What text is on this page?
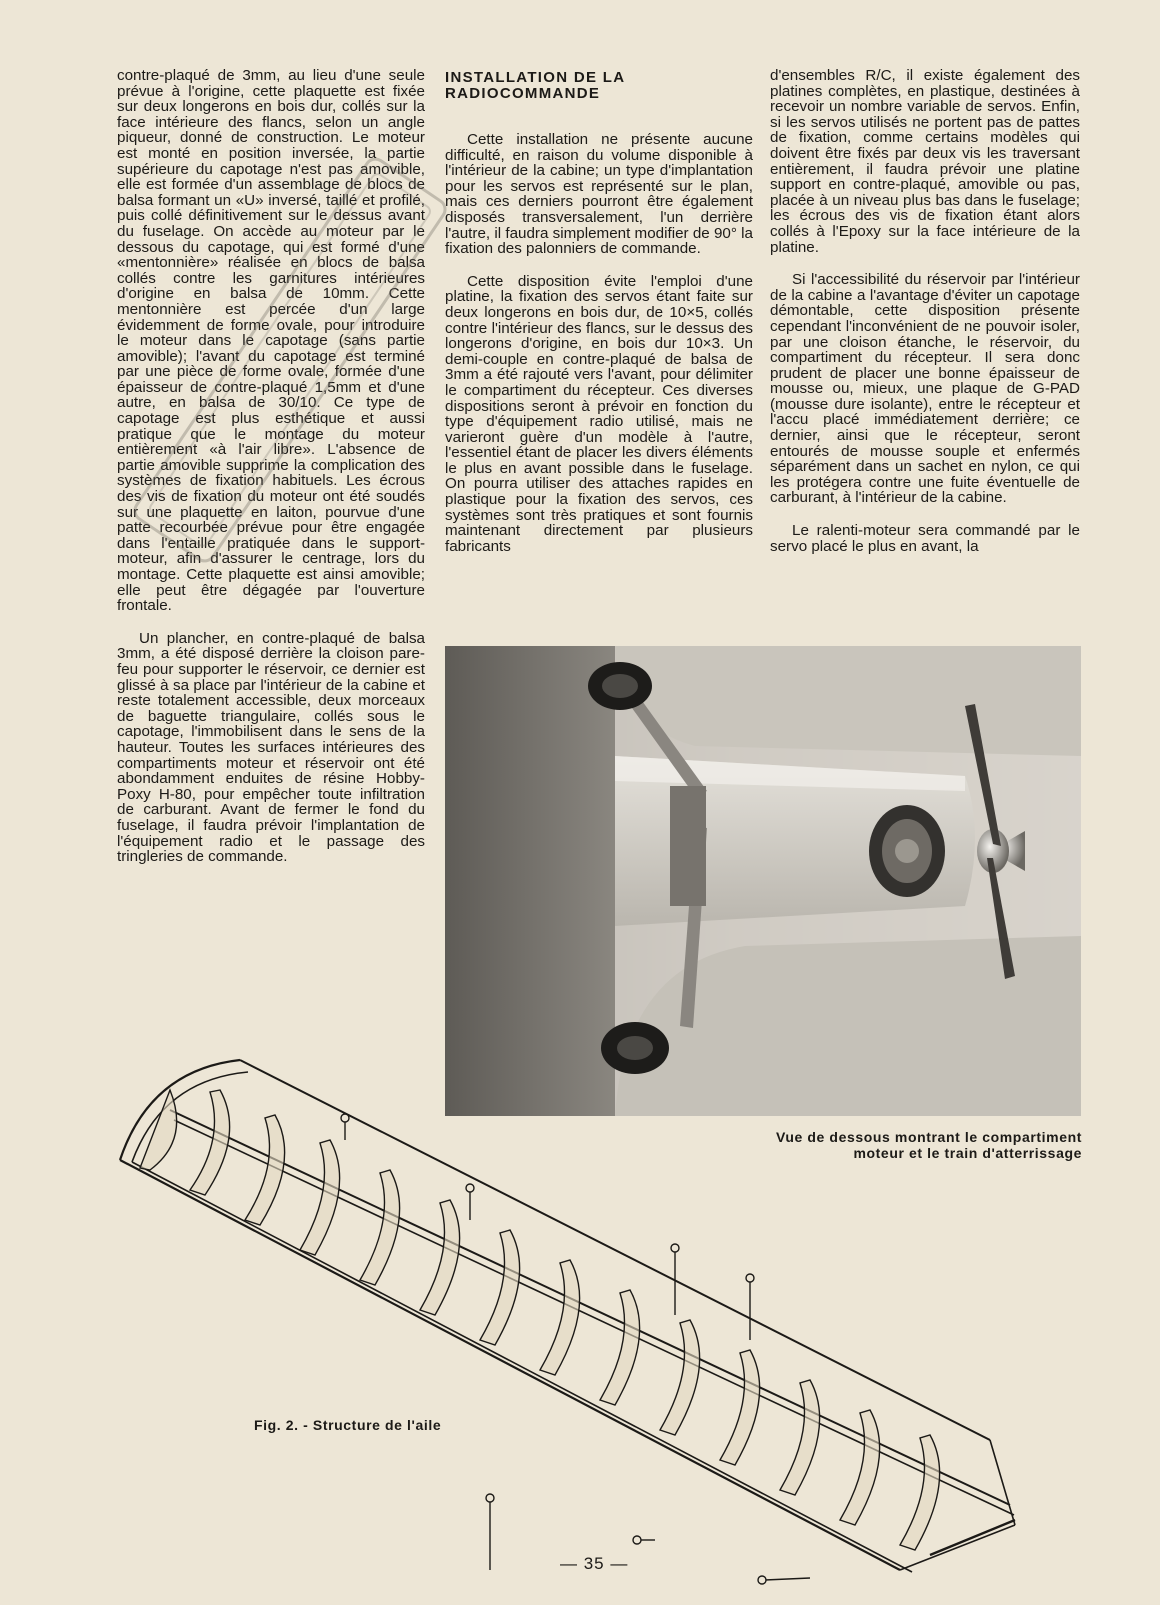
contre-plaqué de 3mm, au lieu d'une seule prévue à l'origine, cette plaquette est fixée sur deux longerons en bois dur, collés sur la face intérieure des flancs, selon un angle piqueur, donné de construction. Le moteur est monté en position inversée, la partie supérieure du capotage n'est pas amovible, elle est formée d'un assemblage de blocs de balsa formant un «U» inversé, taillé et profilé, puis collé définitivement sur le dessus avant du fuselage. On accède au moteur par le dessous du capotage, qui est formé d'une «mentonnière» réalisée en blocs de balsa collés contre les garnitures intérieures d'origine en balsa de 10mm. Cette mentonnière est percée d'un large évidemment de forme ovale, pour introduire le moteur dans le capotage (sans partie amovible); l'avant du capotage est terminé par une pièce de forme ovale, formée d'une épaisseur de contre-plaqué 1,5mm et d'une autre, en balsa de 30/10. Ce type de capotage est plus esthétique et aussi pratique que le montage du moteur entièrement «à l'air libre». L'absence de partie amovible supprime la complication des systèmes de fixation habituels. Les écrous des vis de fixation du moteur ont été soudés sur une plaquette en laiton, pourvue d'une patte recourbée prévue pour être engagée dans l'entaille pratiquée dans le support-moteur, afin d'assurer le centrage, lors du montage. Cette plaquette est ainsi amovible; elle peut être dégagée par l'ouverture frontale.

Un plancher, en contre-plaqué de balsa 3mm, a été disposé derrière la cloison pare-feu pour supporter le réservoir, ce dernier est glissé à sa place par l'intérieur de la cabine et reste totalement accessible, deux morceaux de baguette triangulaire, collés sous le capotage, l'immobilisent dans le sens de la hauteur. Toutes les surfaces intérieures des compartiments moteur et réservoir ont été abondamment enduites de résine Hobby-Poxy H-80, pour empêcher toute infiltration de carburant. Avant de fermer le fond du fuselage, il faudra prévoir l'implantation de l'équipement radio et le passage des tringleries de commande.

INSTALLATION DE LA
RADIOCOMMANDE

Cette installation ne présente aucune difficulté, en raison du volume disponible à l'intérieur de la cabine; un type d'implantation pour les servos est représenté sur le plan, mais ces derniers pourront être également disposés transversalement, l'un derrière l'autre, il faudra simplement modifier de 90° la fixation des palonniers de commande.

Cette disposition évite l'emploi d'une platine, la fixation des servos étant faite sur deux longerons en bois dur, de 10×5, collés contre l'intérieur des flancs, sur le dessus des longerons d'origine, en bois dur 10×3. Un demi-couple en contre-plaqué de balsa de 3mm a été rajouté vers l'avant, pour délimiter le compartiment du récepteur. Ces diverses dispositions seront à prévoir en fonction du type d'équipement radio utilisé, mais ne varieront guère d'un modèle à l'autre, l'essentiel étant de placer les divers éléments le plus en avant possible dans le fuselage. On pourra utiliser des attaches rapides en plastique pour la fixation des servos, ces systèmes sont très pratiques et sont fournis maintenant directement par plusieurs fabricants

d'ensembles R/C, il existe également des platines complètes, en plastique, destinées à recevoir un nombre variable de servos. Enfin, si les servos utilisés ne portent pas de pattes de fixation, comme certains modèles qui doivent être fixés par deux vis les traversant entièrement, il faudra prévoir une platine support en contre-plaqué, amovible ou pas, placée à un niveau plus bas dans le fuselage; les écrous des vis de fixation étant alors collés à l'Epoxy sur la face intérieure de la platine.

Si l'accessibilité du réservoir par l'intérieur de la cabine a l'avantage d'éviter un capotage démontable, cette disposition présente cependant l'inconvénient de ne pouvoir isoler, par une cloison étanche, le réservoir, du compartiment du récepteur. Il sera donc prudent de placer une bonne épaisseur de mousse ou, mieux, une plaque de G-PAD (mousse dure isolante), entre le récepteur et l'accu placé immédiatement derrière; ce dernier, ainsi que le récepteur, seront entourés de mousse souple et enfermés séparément dans un sachet en nylon, ce qui les protégera contre une fuite éventuelle de carburant, à l'intérieur de la cabine.

Le ralenti-moteur sera commandé par le servo placé le plus en avant, la

Vue de dessous montrant le compartiment
moteur et le train d'atterrissage
Fig. 2. - Structure de l'aile
— 35 —
